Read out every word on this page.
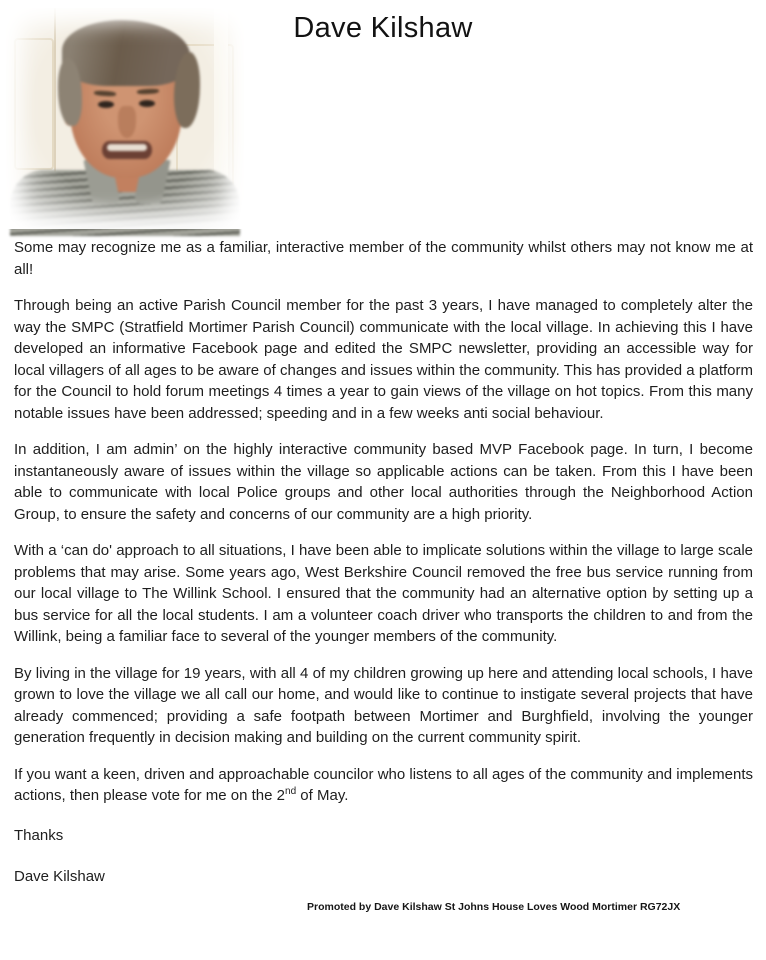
Dave Kilshaw

Some may recognize me as a familiar, interactive member of the community whilst others may not know me at all!

Through being an active Parish Council member for the past 3 years, I have managed to completely alter the way the SMPC (Stratfield Mortimer Parish Council) communicate with the local village. In achieving this I have developed an informative Facebook page and edited the SMPC newsletter, providing an accessible way for local villagers of all ages to be aware of changes and issues within the community. This has provided a platform for the Council to hold forum meetings 4 times a year to gain views of the village on hot topics. From this many notable issues have been addressed; speeding and in a few weeks anti social behaviour.

In addition, I am admin’ on the highly interactive community based MVP Facebook page. In turn, I become instantaneously aware of issues within the village so applicable actions can be taken. From this I have been able to communicate with local Police groups and other local authorities through the Neighborhood Action Group, to ensure the safety and concerns of our community are a high priority.

With a ‘can do' approach to all situations, I have been able to implicate solutions within the village to large scale problems that may arise. Some years ago, West Berkshire Council removed the free bus service running from our local village to The Willink School. I ensured that the community had an alternative option by setting up a bus service for all the local students. I am a volunteer coach driver who transports the children to and from the Willink, being a familiar face to several of the younger members of the community.

By living in the village for 19 years, with all 4 of my children growing up here and attending local schools, I have grown to love the village we all call our home, and would like to continue to instigate several projects that have already commenced; providing a safe footpath between Mortimer and Burghfield, involving the younger generation frequently in decision making and building on the current community spirit.

If you want a keen, driven and approachable councilor who listens to all ages of the community and implements actions, then please vote for me on the 2nd of May.

Thanks

Dave Kilshaw

Promoted by Dave Kilshaw St Johns House Loves Wood Mortimer RG72JX
